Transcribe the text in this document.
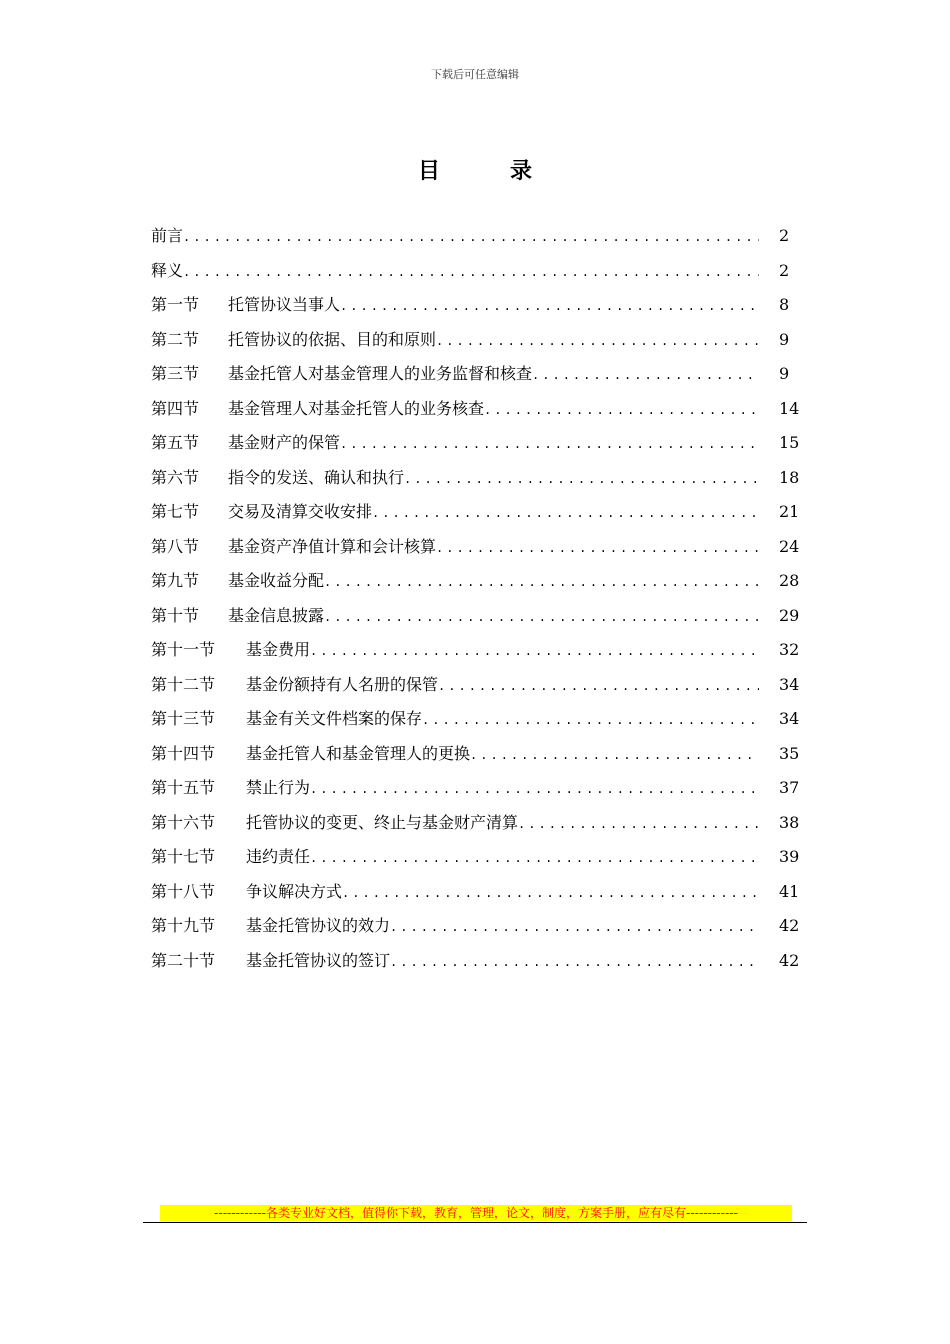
下载后可任意编辑
目	录
前言 .....	2
释义 .....	2
第一节	托管协议当事人 .....	8
第二节	托管协议的依据、目的和原则 .....	9
第三节	基金托管人对基金管理人的业务监督和核查 .....	9
第四节	基金管理人对基金托管人的业务核查 .....	14
第五节	基金财产的保管 .....	15
第六节	指令的发送、确认和执行 .....	18
第七节	交易及清算交收安排 .....	21
第八节	基金资产净值计算和会计核算 .....	24
第九节	基金收益分配 .....	28
第十节	基金信息披露 .....	29
第十一节	基金费用 .....	32
第十二节	基金份额持有人名册的保管 .....	34
第十三节	基金有关文件档案的保存 .....	34
第十四节	基金托管人和基金管理人的更换 .....	35
第十五节	禁止行为 .....	37
第十六节	托管协议的变更、终止与基金财产清算 .....	38
第十七节	违约责任 .....	39
第十八节	争议解决方式 .....	41
第十九节	基金托管协议的效力 .....	42
第二十节	基金托管协议的签订 .....	42
------------各类专业好文档，值得你下载，教育，管理，论文，制度，方案手册，应有尽有------------
